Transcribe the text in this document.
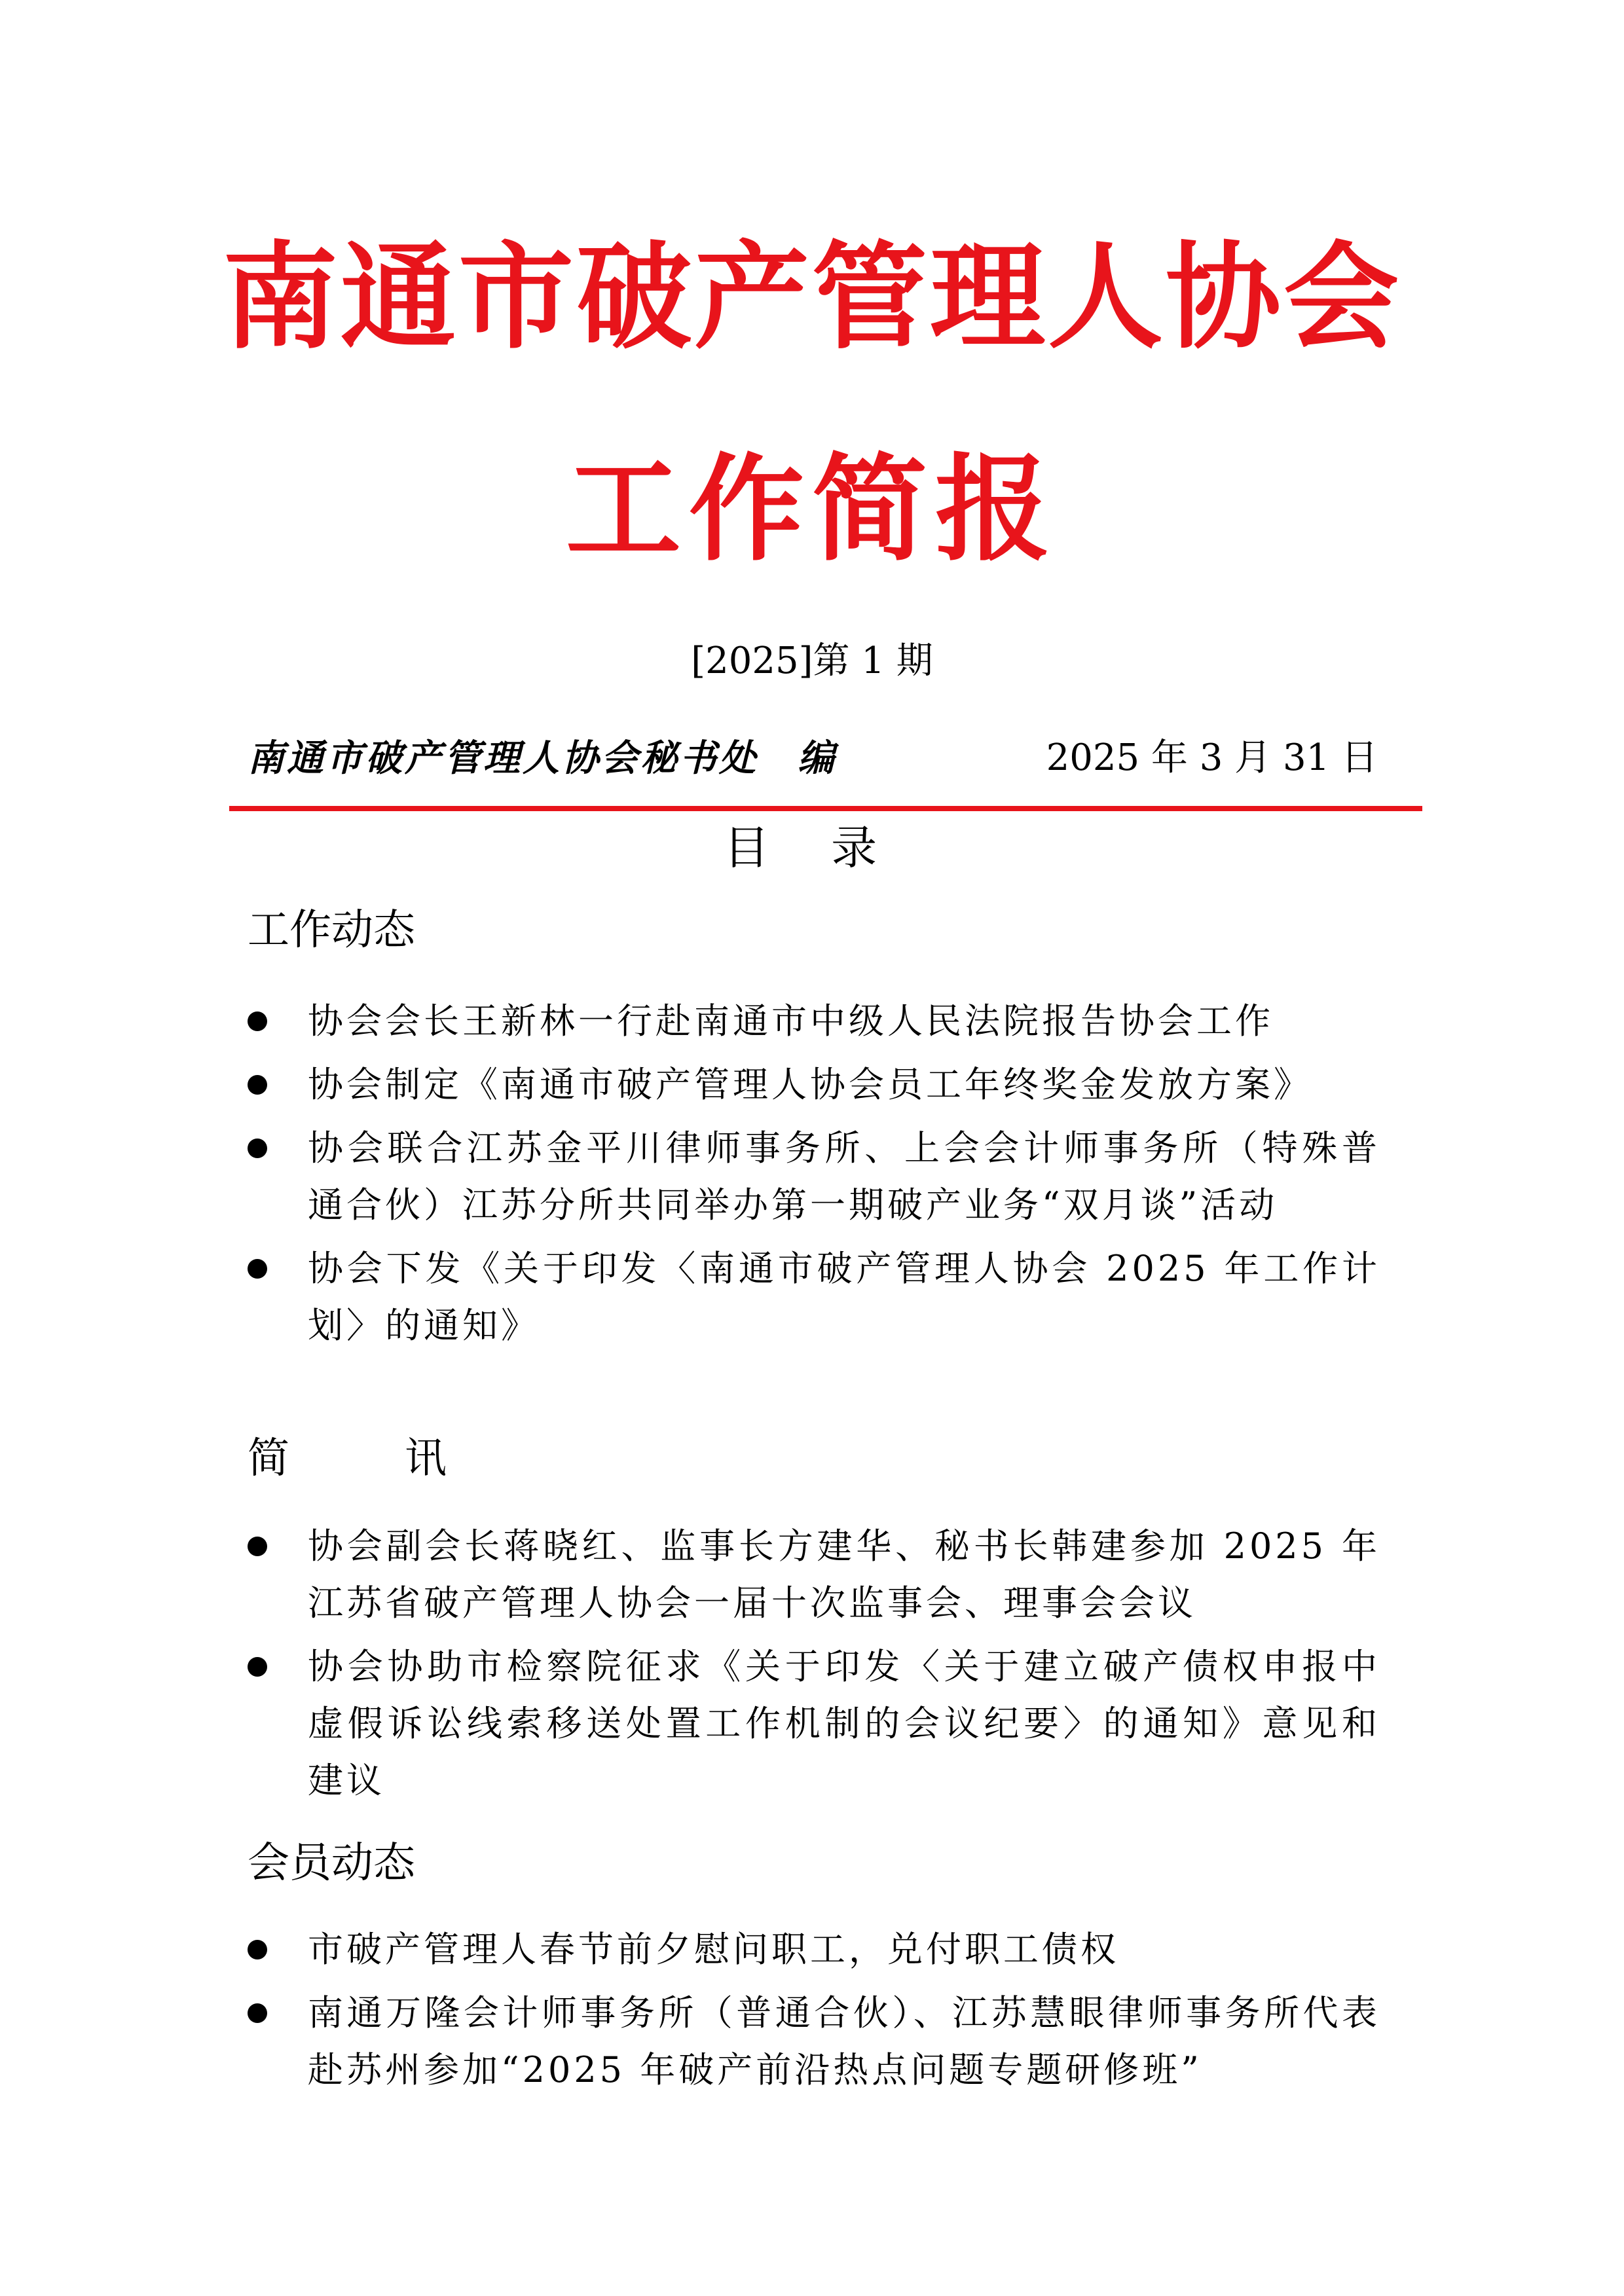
南通市破产管理人协会
工作简报
[2025]第 1 期
南通市破产管理人协会秘书处　编	2025 年 3 月 31 日
目 录
工作动态
协会会长王新林一行赴南通市中级人民法院报告协会工作
协会制定《南通市破产管理人协会员工年终奖金发放方案》
协会联合江苏金平川律师事务所、上会会计师事务所（特殊普通合伙）江苏分所共同举办第一期破产业务“双月谈”活动
协会下发《关于印发〈南通市破产管理人协会 2025 年工作计划〉的通知》
简　讯
协会副会长蒋晓红、监事长方建华、秘书长韩建参加 2025 年江苏省破产管理人协会一届十次监事会、理事会会议
协会协助市检察院征求《关于印发〈关于建立破产债权申报中虚假诉讼线索移送处置工作机制的会议纪要〉的通知》意见和建议
会员动态
市破产管理人春节前夕慰问职工，兑付职工债权
南通万隆会计师事务所（普通合伙）、江苏慧眼律师事务所代表赴苏州参加“2025 年破产前沿热点问题专题研修班”
